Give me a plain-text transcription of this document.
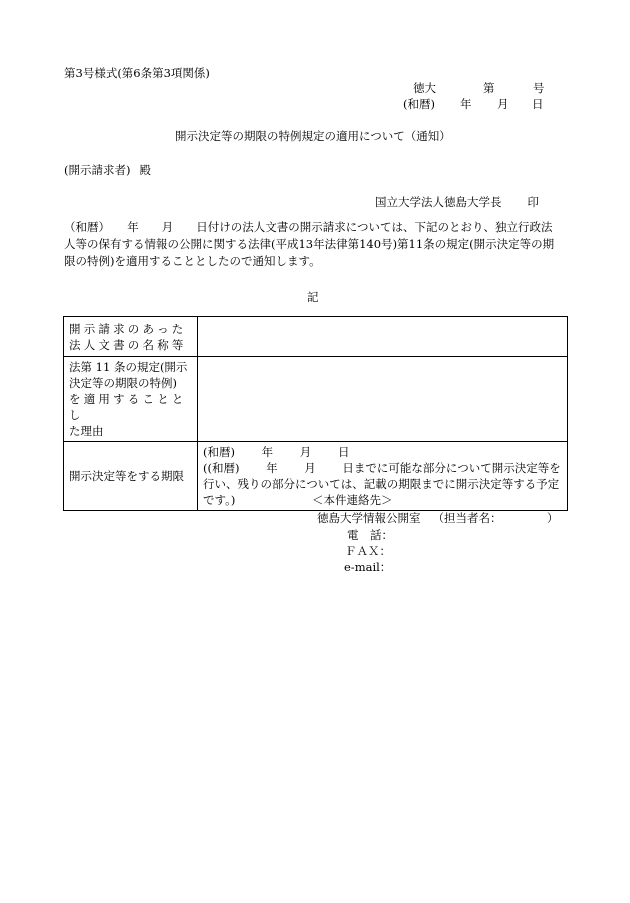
第3号様式(第6条第3項関係)
徳大	第	号
(和暦) 年 月 日
開示決定等の期限の特例規定の適用について（通知）
(開示請求者) 殿
国立大学法人徳島大学長 印
（和暦）　　年　　月　　日付けの法人文書の開示請求については、下記のとおり、独立行政法
人等の保有する情報の公開に関する法律(平成13年法律第140号)第11条の規定(開示決定等の期
限の特例)を適用することとしたので通知します。
記
開示請求のあった
法人文書の名称等	

法第 11 条の規定(開示
決定等の期限の特例)
を適用することとし
た理由	

開示決定等をする期限	(和暦)　　 年　　 月　　 日
((和暦)　　 年　　 月　　 日までに可能な部分について開示決定等を
行い、残りの部分については、記載の期限までに開示決定等する予定
です。)	＜本件連絡先＞
徳島大学情報公開室 （担当者名：	）
電　話：
ＦＡＸ：
e-mail：
